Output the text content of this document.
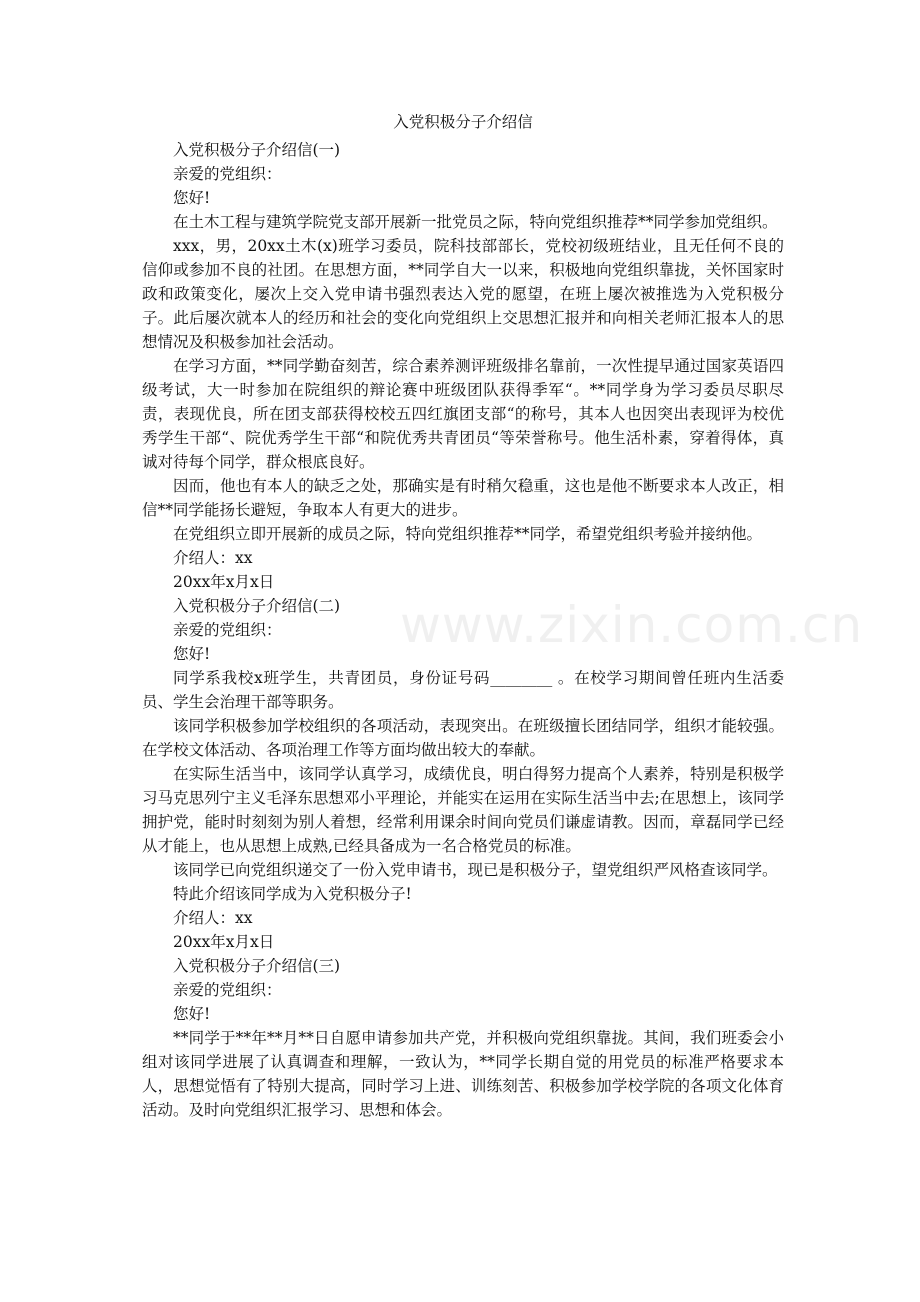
www.zixin.com.cn
入党积极分子介绍信

入党积极分子介绍信(一)

亲爱的党组织：

您好!

在土木工程与建筑学院党支部开展新一批党员之际，特向党组织推荐**同学参加党组织。

xxx，男，20xx土木(x)班学习委员，院科技部部长，党校初级班结业，且无任何不良的信仰或参加不良的社团。在思想方面，**同学自大一以来，积极地向党组织靠拢，关怀国家时政和政策变化，屡次上交入党申请书强烈表达入党的愿望，在班上屡次被推选为入党积极分子。此后屡次就本人的经历和社会的变化向党组织上交思想汇报并和向相关老师汇报本人的思想情况及积极参加社会活动。

在学习方面，**同学勤奋刻苦，综合素养测评班级排名靠前，一次性提早通过国家英语四级考试，大一时参加在院组织的辩论赛中班级团队获得季军“。**同学身为学习委员尽职尽责，表现优良，所在团支部获得校校五四红旗团支部“的称号，其本人也因突出表现评为校优秀学生干部“、院优秀学生干部“和院优秀共青团员“等荣誉称号。他生活朴素，穿着得体，真诚对待每个同学，群众根底良好。

因而，他也有本人的缺乏之处，那确实是有时稍欠稳重，这也是他不断要求本人改正，相信**同学能扬长避短，争取本人有更大的进步。

在党组织立即开展新的成员之际，特向党组织推荐**同学，希望党组织考验并接纳他。

介绍人：xx

20xx年x月x日

入党积极分子介绍信(二)

亲爱的党组织：

您好!

同学系我校x班学生，共青团员，身份证号码________ 。在校学习期间曾任班内生活委员、学生会治理干部等职务。

该同学积极参加学校组织的各项活动，表现突出。在班级擅长团结同学，组织才能较强。在学校文体活动、各项治理工作等方面均做出较大的奉献。

在实际生活当中，该同学认真学习，成绩优良，明白得努力提高个人素养，特别是积极学习马克思列宁主义毛泽东思想邓小平理论，并能实在运用在实际生活当中去;在思想上，该同学拥护党，能时时刻刻为别人着想，经常利用课余时间向党员们谦虚请教。因而，章磊同学已经从才能上，也从思想上成熟,已经具备成为一名合格党员的标准。

该同学已向党组织递交了一份入党申请书，现已是积极分子，望党组织严风格查该同学。

特此介绍该同学成为入党积极分子!

介绍人：xx

20xx年x月x日

入党积极分子介绍信(三)

亲爱的党组织：

您好!

**同学于**年**月**日自愿申请参加共产党，并积极向党组织靠拢。其间，我们班委会小组对该同学进展了认真调查和理解，一致认为，**同学长期自觉的用党员的标准严格要求本人，思想觉悟有了特别大提高，同时学习上进、训练刻苦、积极参加学校学院的各项文化体育活动。及时向党组织汇报学习、思想和体会。
